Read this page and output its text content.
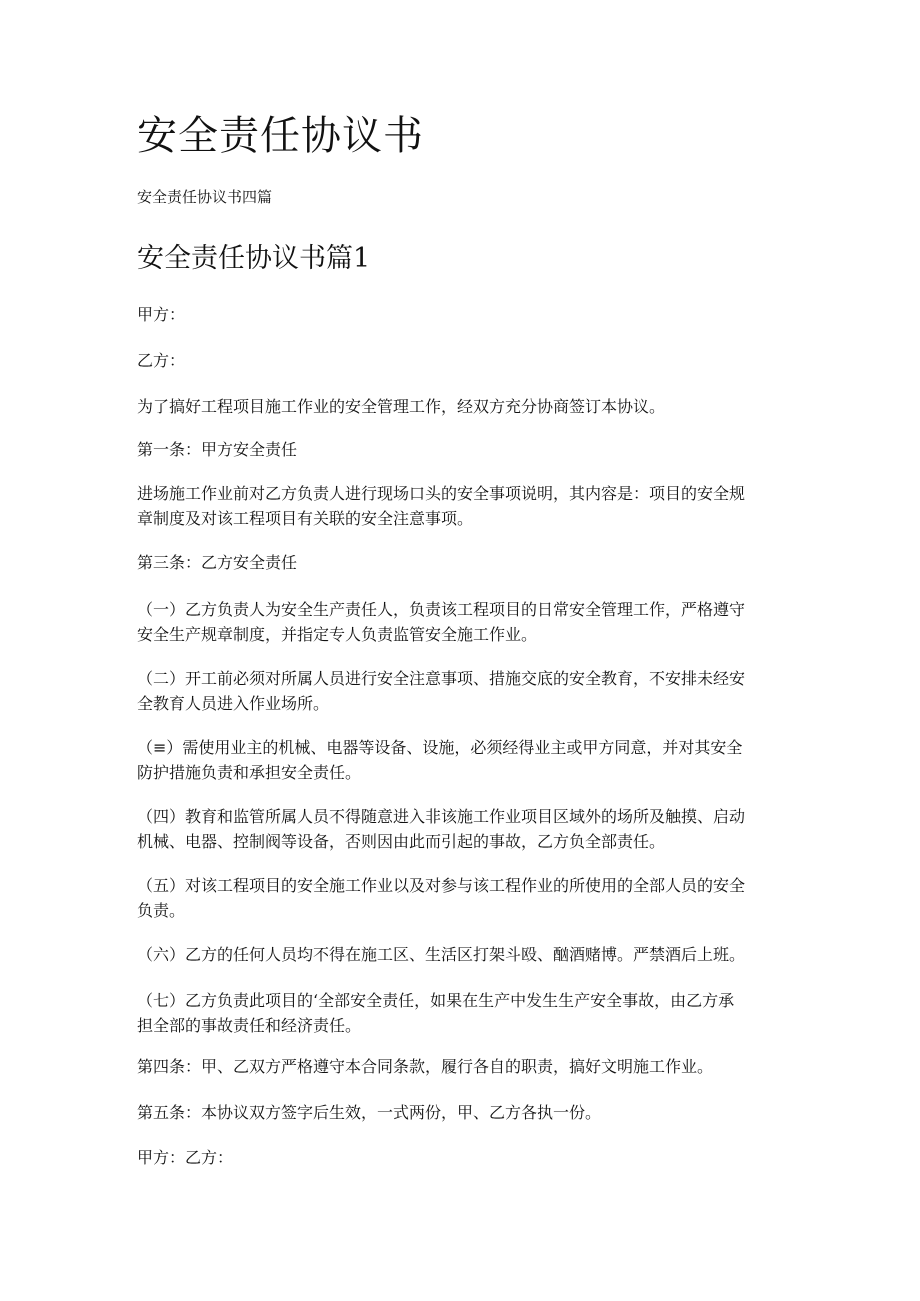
安全责任协议书
安全责任协议书四篇
安全责任协议书篇1
甲方：
乙方：
为了搞好工程项目施工作业的安全管理工作，经双方充分协商签订本协议。
第一条：甲方安全责任
进场施工作业前对乙方负责人进行现场口头的安全事项说明，其内容是：项目的安全规
章制度及对该工程项目有关联的安全注意事项。
第三条：乙方安全责任
（一）乙方负责人为安全生产责任人，负责该工程项目的日常安全管理工作，严格遵守
安全生产规章制度，并指定专人负责监管安全施工作业。
（二）开工前必须对所属人员进行安全注意事项、措施交底的安全教育，不安排未经安
全教育人员进入作业场所。
（≡）需使用业主的机械、电器等设备、设施，必须经得业主或甲方同意，并对其安全
防护措施负责和承担安全责任。
（四）教育和监管所属人员不得随意进入非该施工作业项目区域外的场所及触摸、启动
机械、电器、控制阀等设备，否则因由此而引起的事故，乙方负全部责任。
（五）对该工程项目的安全施工作业以及对参与该工程作业的所使用的全部人员的安全
负责。
（六）乙方的任何人员均不得在施工区、生活区打架斗殴、酗酒赌博。严禁酒后上班。
（七）乙方负责此项目的‘全部安全责任，如果在生产中发生生产安全事故，由乙方承
担全部的事故责任和经济责任。
第四条：甲、乙双方严格遵守本合同条款，履行各自的职责，搞好文明施工作业。
第五条：本协议双方签字后生效，一式两份，甲、乙方各执一份。
甲方：乙方：
